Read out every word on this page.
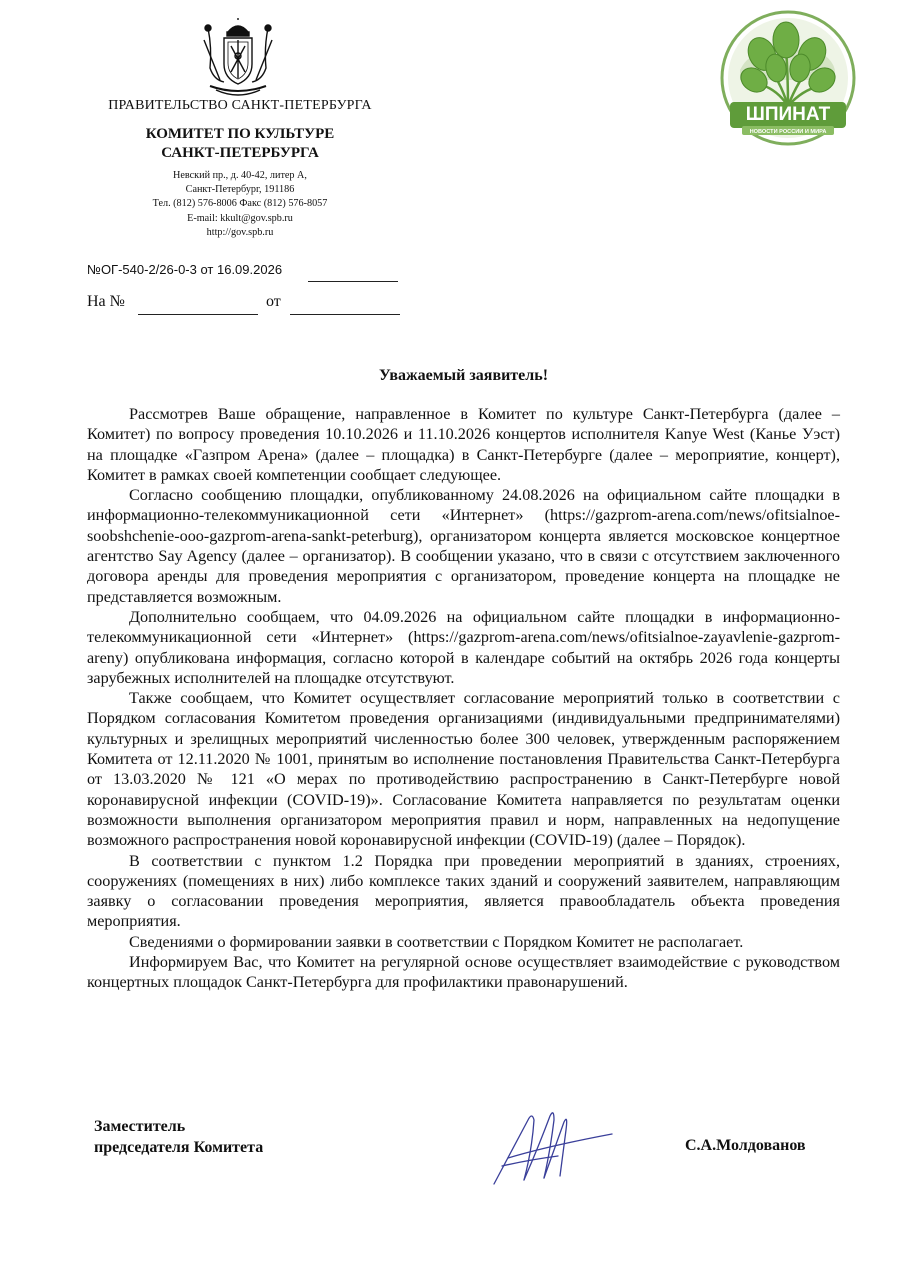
ПРАВИТЕЛЬСТВО САНКТ-ПЕТЕРБУРГА
КОМИТЕТ ПО КУЛЬТУРЕ
САНКТ-ПЕТЕРБУРГА
Невский пр., д. 40-42, литер А,
Санкт-Петербург, 191186
Тел. (812) 576-8006 Факс (812) 576-8057
E-mail: kkult@gov.spb.ru
http://gov.spb.ru
№ОГ-540-2/26-0-3 от 16.09.2026
На №	от
ШПИНАТ
НОВОСТИ РОССИИ И МИРА
Уважаемый заявитель!

Рассмотрев Ваше обращение, направленное в Комитет по культуре Санкт-Петербурга (далее – Комитет) по вопросу проведения 10.10.2026 и 11.10.2026 концертов исполнителя Kanye West (Канье Уэст) на площадке «Газпром Арена» (далее – площадка) в Санкт-Петербурге (далее – мероприятие, концерт), Комитет в рамках своей компетенции сообщает следующее.

Согласно сообщению площадки, опубликованному 24.08.2026 на официальном сайте площадки в информационно-телекоммуникационной сети «Интернет» (https://gazprom-arena.com/news/ofitsialnoe-soobshchenie-ooo-gazprom-arena-sankt-peterburg), организатором концерта является московское концертное агентство Say Agency (далее – организатор). В сообщении указано, что в связи с отсутствием заключенного договора аренды для проведения мероприятия с организатором, проведение концерта на площадке не представляется возможным.

Дополнительно сообщаем, что 04.09.2026 на официальном сайте площадки в информационно-телекоммуникационной сети «Интернет» (https://gazprom-arena.com/news/ofitsialnoe-zayavlenie-gazprom-areny) опубликована информация, согласно которой в календаре событий на октябрь 2026 года концерты зарубежных исполнителей на площадке отсутствуют.

Также сообщаем, что Комитет осуществляет согласование мероприятий только в соответствии с Порядком согласования Комитетом проведения организациями (индивидуальными предпринимателями) культурных и зрелищных мероприятий численностью более 300 человек, утвержденным распоряжением Комитета от 12.11.2020 № 1001, принятым во исполнение постановления Правительства Санкт-Петербурга от 13.03.2020 № 121 «О мерах по противодействию распространению в Санкт-Петербурге новой коронавирусной инфекции (COVID-19)». Согласование Комитета направляется по результатам оценки возможности выполнения организатором мероприятия правил и норм, направленных на недопущение возможного распространения новой коронавирусной инфекции (COVID-19) (далее – Порядок).

В соответствии с пунктом 1.2 Порядка при проведении мероприятий в зданиях, строениях, сооружениях (помещениях в них) либо комплексе таких зданий и сооружений заявителем, направляющим заявку о согласовании проведения мероприятия, является правообладатель объекта проведения мероприятия.

Сведениями о формировании заявки в соответствии с Порядком Комитет не располагает.

Информируем Вас, что Комитет на регулярной основе осуществляет взаимодействие с руководством концертных площадок Санкт-Петербурга для профилактики правонарушений.

Заместитель
председателя Комитета	С.А.Молдованов
